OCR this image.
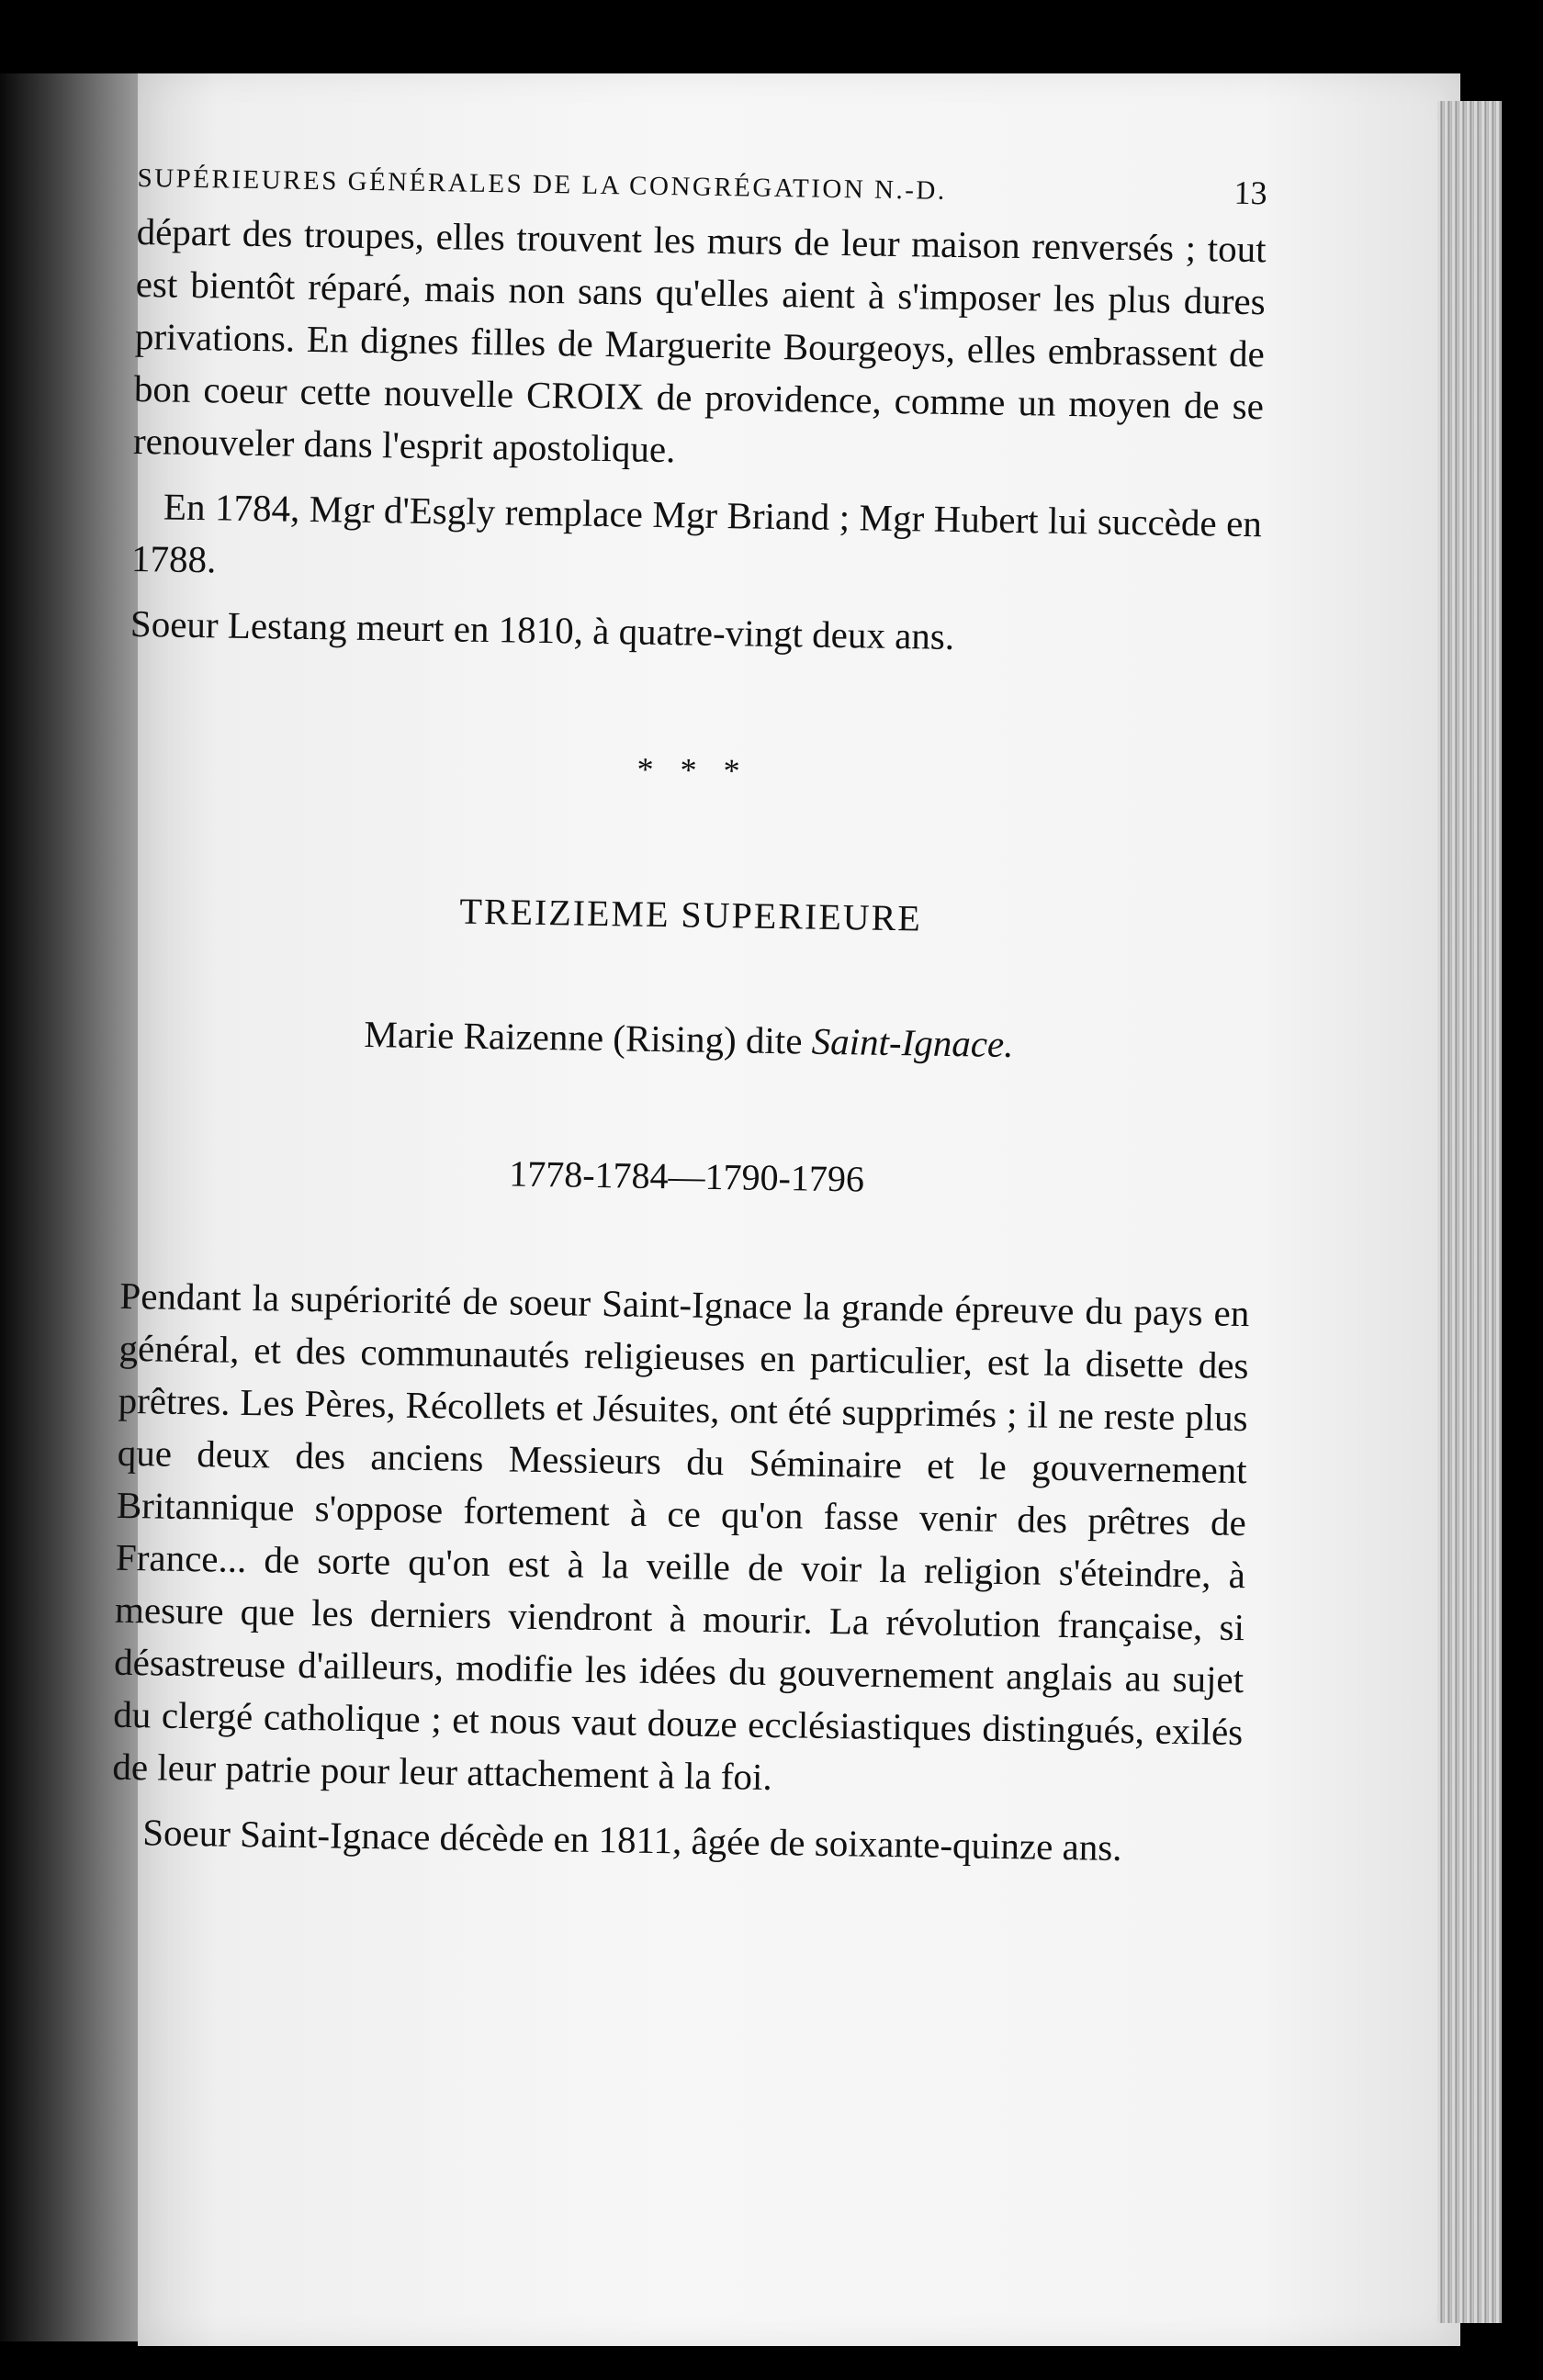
SUPÉRIEURES GÉNÉRALES DE LA CONGRÉGATION N.-D.	13

départ des troupes, elles trouvent les murs de leur maison renversés ; tout est bientôt réparé, mais non sans qu'elles aient à s'imposer les plus dures privations. En dignes filles de Marguerite Bourgeoys, elles embrassent de bon coeur cette nouvelle CROIX de providence, comme un moyen de se renouveler dans l'esprit apostolique.

En 1784, Mgr d'Esgly remplace Mgr Briand ; Mgr Hubert lui succède en 1788.

Soeur Lestang meurt en 1810, à quatre-vingt deux ans.

* * *
TREIZIEME SUPERIEURE
Marie Raizenne (Rising) dite Saint-Ignace.
1778-1784—1790-1796

Pendant la supériorité de soeur Saint-Ignace la grande épreuve du pays en général, et des communautés religieuses en particulier, est la disette des prêtres. Les Pères, Récollets et Jésuites, ont été supprimés ; il ne reste plus que deux des anciens Messieurs du Séminaire et le gouvernement Britannique s'oppose fortement à ce qu'on fasse venir des prêtres de France... de sorte qu'on est à la veille de voir la religion s'éteindre, à mesure que les derniers viendront à mourir. La révolution française, si désastreuse d'ailleurs, modifie les idées du gouvernement anglais au sujet du clergé catholique ; et nous vaut douze ecclésiastiques distingués, exilés de leur patrie pour leur attachement à la foi.

Soeur Saint-Ignace décède en 1811, âgée de soixante-quinze ans.
